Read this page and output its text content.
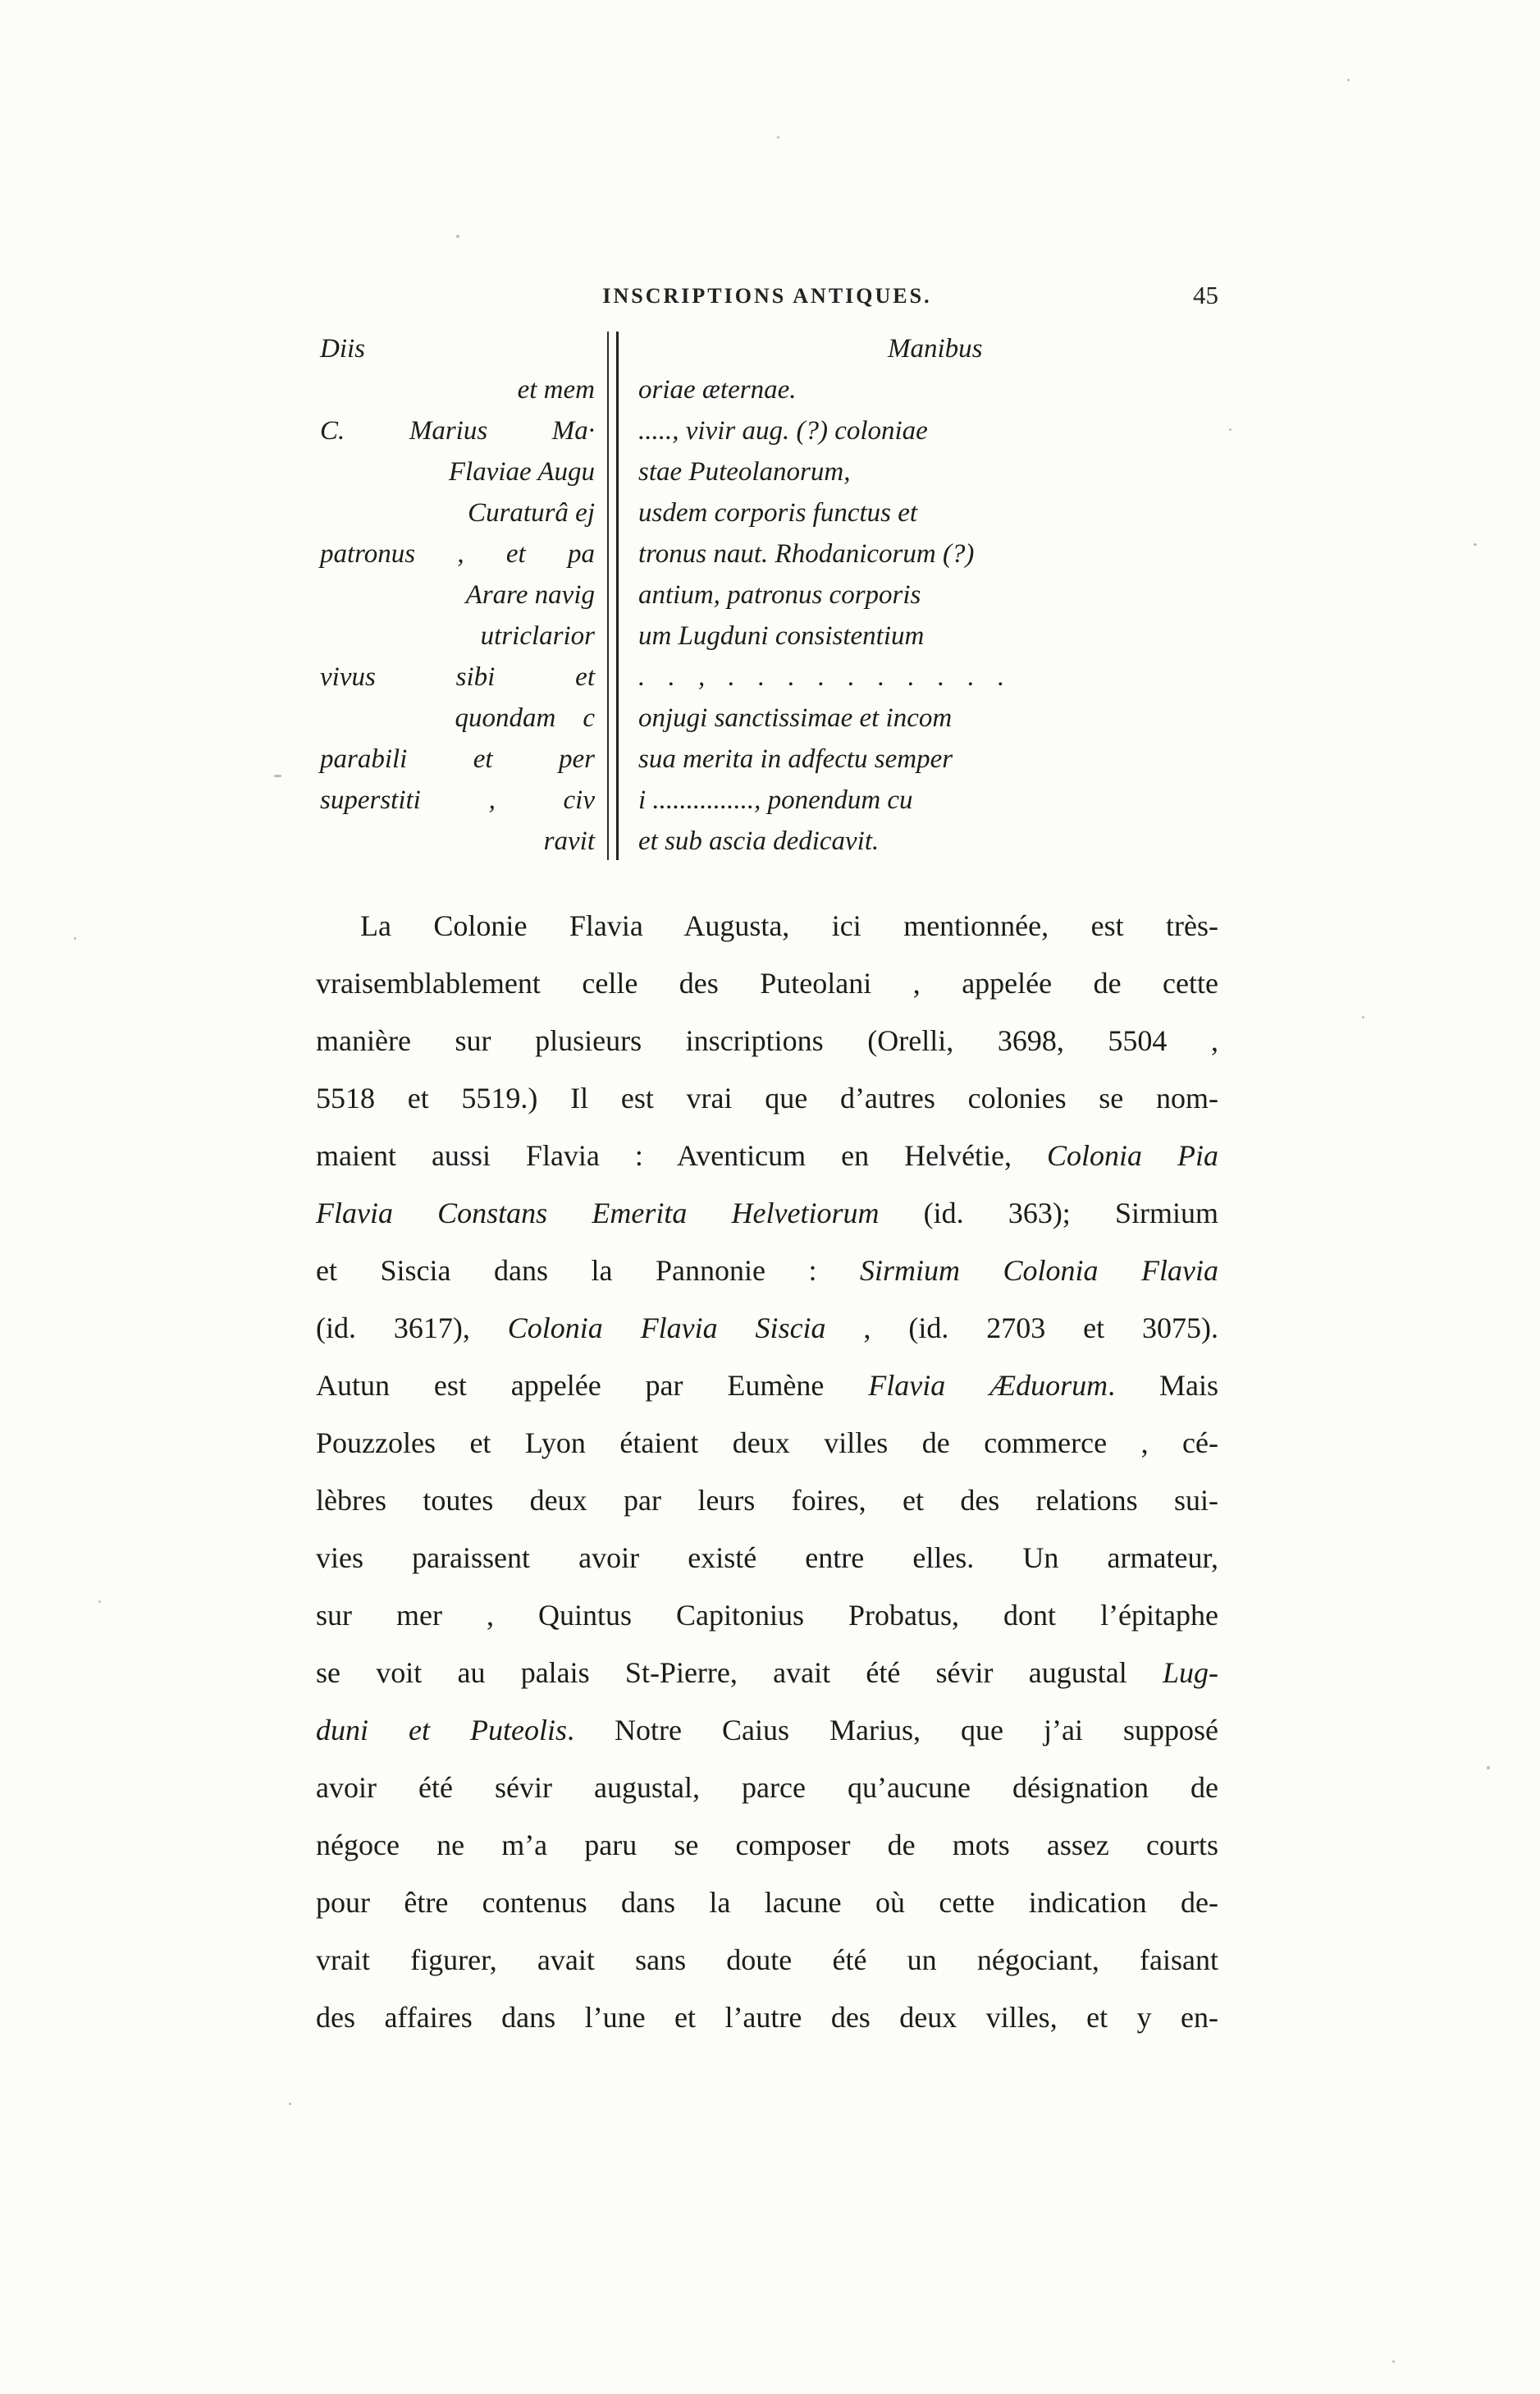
INSCRIPTIONS ANTIQUES.	45
Diis	Manibus
et mem oriae æternae.
C. Marius Ma· ....., vivir aug. (?) coloniae
Flaviae Augu stae Puteolanorum,
Curaturâ ej usdem corporis functus et
patronus , et pa tronus naut. Rhodanicorum (?)
Arare navig antium, patronus corporis
utriclarior um Lugduni consistentium
vivus sibi et . . , . . . . . . . . . .
quondam c onjugi sanctissimae et incom
parabili et per sua merita in adfectu semper
superstiti , civ i ..............., ponendum cu
ravit et sub ascia dedicavit.
La Colonie Flavia Augusta, ici mentionnée, est très-
vraisemblablement celle des Puteolani , appelée de cette
manière sur plusieurs inscriptions (Orelli, 3698, 5504 ,
5518 et 5519.) Il est vrai que d’autres colonies se nom-
maient aussi Flavia : Aventicum en Helvétie, Colonia Pia
Flavia Constans Emerita Helvetiorum (id. 363); Sirmium
et Siscia dans la Pannonie : Sirmium Colonia Flavia
(id. 3617), Colonia Flavia Siscia , (id. 2703 et 3075).
Autun est appelée par Eumène Flavia Æduorum. Mais
Pouzzoles et Lyon étaient deux villes de commerce , cé-
lèbres toutes deux par leurs foires, et des relations sui-
vies paraissent avoir existé entre elles. Un armateur,
sur mer , Quintus Capitonius Probatus, dont l’épitaphe
se voit au palais St-Pierre, avait été sévir augustal Lug-
duni et Puteolis. Notre Caius Marius, que j’ai supposé
avoir été sévir augustal, parce qu’aucune désignation de
négoce ne m’a paru se composer de mots assez courts
pour être contenus dans la lacune où cette indication de-
vrait figurer, avait sans doute été un négociant, faisant
des affaires dans l’une et l’autre des deux villes, et y en-
